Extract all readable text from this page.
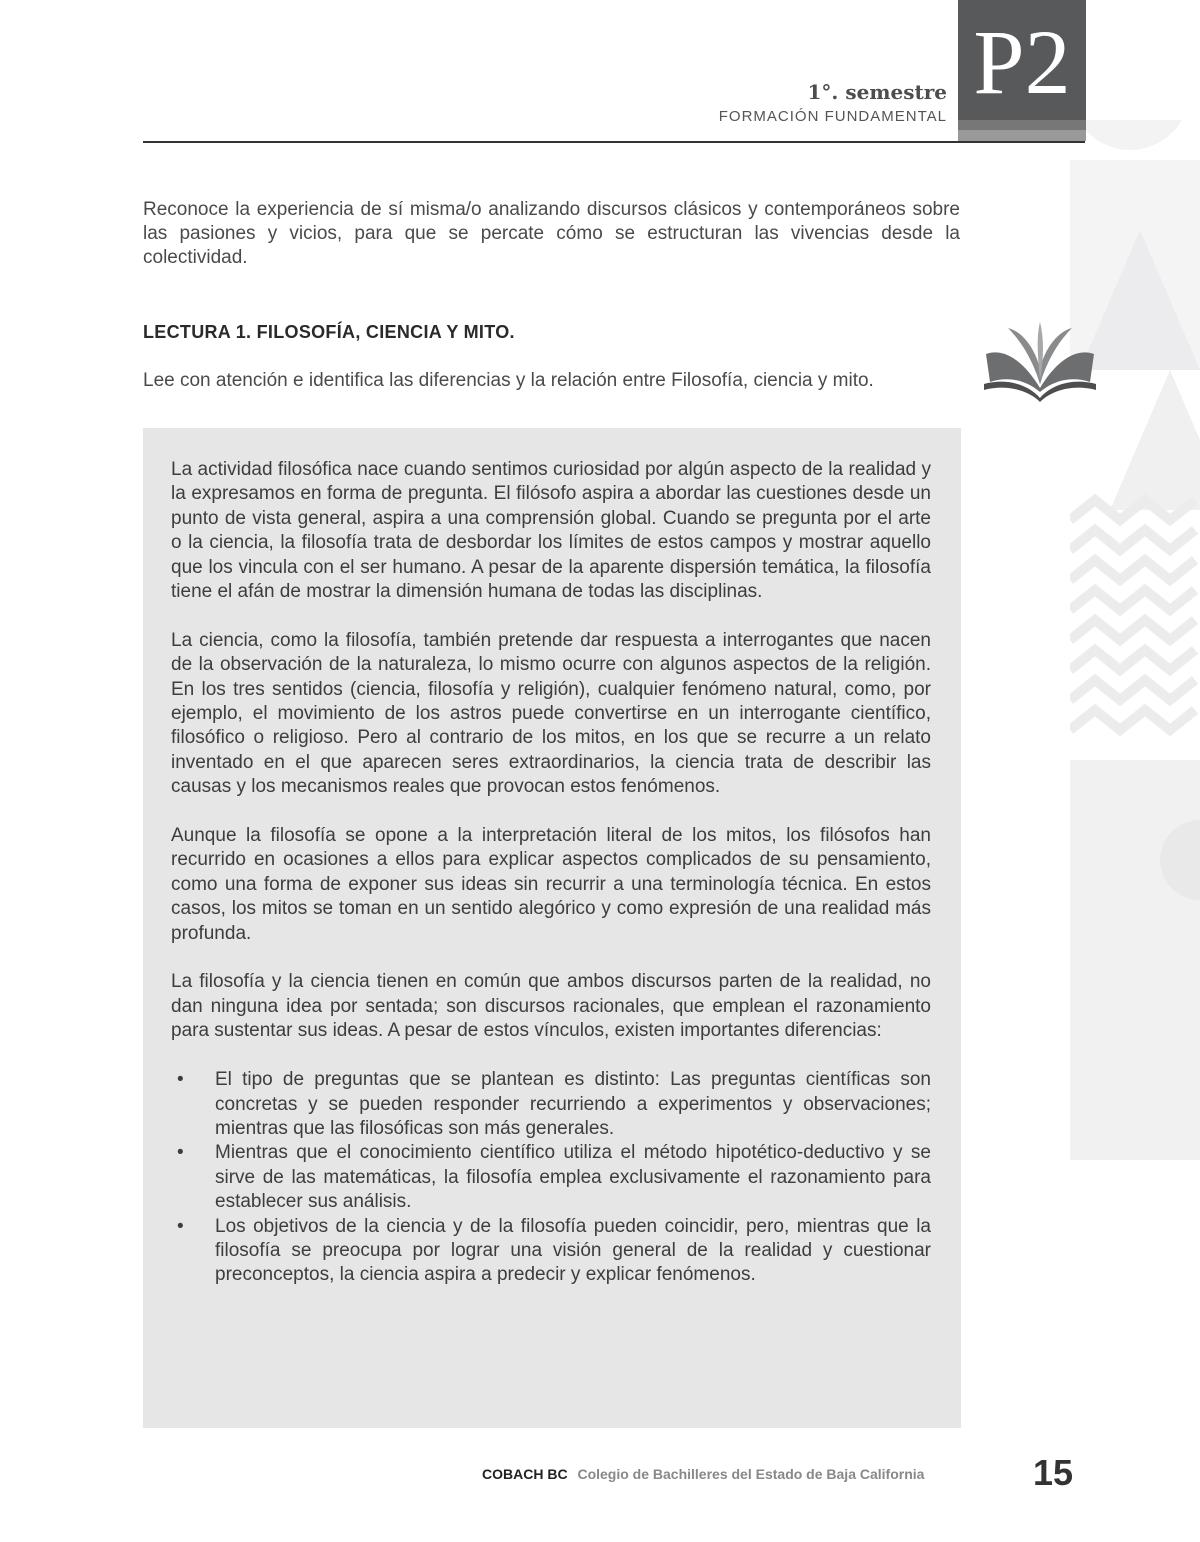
P2
1°. semestre
FORMACIÓN FUNDAMENTAL

Reconoce la experiencia de sí misma/o analizando discursos clásicos y contemporáneos sobre las pasiones y vicios, para que se percate cómo se estructuran las vivencias desde la colectividad.

LECTURA 1. FILOSOFÍA, CIENCIA Y MITO.
Lee con atención e identifica las diferencias y la relación entre Filosofía, ciencia y mito.

La actividad filosófica nace cuando sentimos curiosidad por algún aspecto de la realidad y la expresamos en forma de pregunta. El filósofo aspira a abordar las cuestiones desde un punto de vista general, aspira a una comprensión global. Cuando se pregunta por el arte o la ciencia, la filosofía trata de desbordar los límites de estos campos y mostrar aquello que los vincula con el ser humano. A pesar de la aparente dispersión temática, la filosofía tiene el afán de mostrar la dimensión humana de todas las disciplinas.

La ciencia, como la filosofía, también pretende dar respuesta a interrogantes que nacen de la observación de la naturaleza, lo mismo ocurre con algunos aspectos de la religión. En los tres sentidos (ciencia, filosofía y religión), cualquier fenómeno natural, como, por ejemplo, el movimiento de los astros puede convertirse en un interrogante científico, filosófico o religioso. Pero al contrario de los mitos, en los que se recurre a un relato inventado en el que aparecen seres extraordinarios, la ciencia trata de describir las causas y los mecanismos reales que provocan estos fenómenos.

Aunque la filosofía se opone a la interpretación literal de los mitos, los filósofos han recurrido en ocasiones a ellos para explicar aspectos complicados de su pensamiento, como una forma de exponer sus ideas sin recurrir a una terminología técnica. En estos casos, los mitos se toman en un sentido alegórico y como expresión de una realidad más profunda.

La filosofía y la ciencia tienen en común que ambos discursos parten de la realidad, no dan ninguna idea por sentada; son discursos racionales, que emplean el razonamiento para sustentar sus ideas. A pesar de estos vínculos, existen importantes diferencias:

• El tipo de preguntas que se plantean es distinto: Las preguntas científicas son concretas y se pueden responder recurriendo a experimentos y observaciones; mientras que las filosóficas son más generales.
• Mientras que el conocimiento científico utiliza el método hipotético-deductivo y se sirve de las matemáticas, la filosofía emplea exclusivamente el razonamiento para establecer sus análisis.
• Los objetivos de la ciencia y de la filosofía pueden coincidir, pero, mientras que la filosofía se preocupa por lograr una visión general de la realidad y cuestionar preconceptos, la ciencia aspira a predecir y explicar fenómenos.
COBACH BC Colegio de Bachilleres del Estado de Baja California	15
